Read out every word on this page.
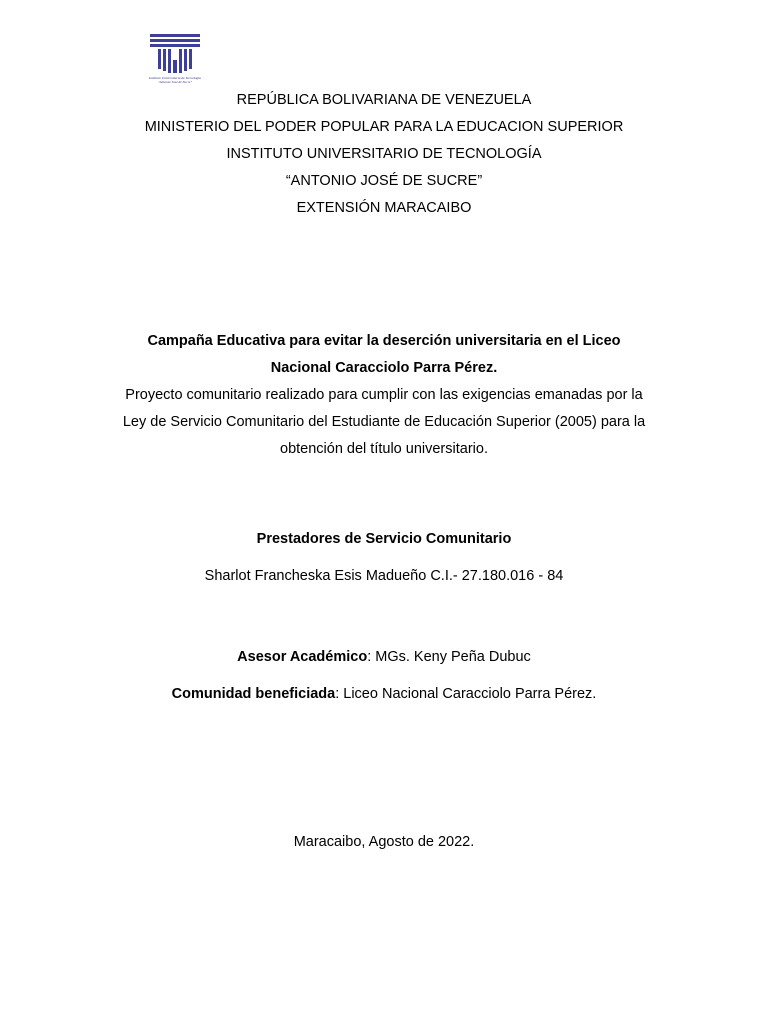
Instituto Universitario de Tecnología
"Antonio José de Sucre"
REPÚBLICA BOLIVARIANA DE VENEZUELA
MINISTERIO DEL PODER POPULAR PARA LA EDUCACION SUPERIOR
INSTITUTO UNIVERSITARIO DE TECNOLOGÍA
“ANTONIO JOSÉ DE SUCRE”
EXTENSIÓN MARACAIBO
Campaña Educativa para evitar la deserción universitaria en el Liceo
Nacional Caracciolo Parra Pérez.
Proyecto comunitario realizado para cumplir con las exigencias emanadas por la
Ley de Servicio Comunitario del Estudiante de Educación Superior (2005) para la
obtención del título universitario.
Prestadores de Servicio Comunitario
Sharlot Francheska Esis Madueño C.I.- 27.180.016 - 84
Asesor Académico: MGs. Keny Peña Dubuc
Comunidad beneficiada: Liceo Nacional Caracciolo Parra Pérez.
Maracaibo, Agosto de 2022.
